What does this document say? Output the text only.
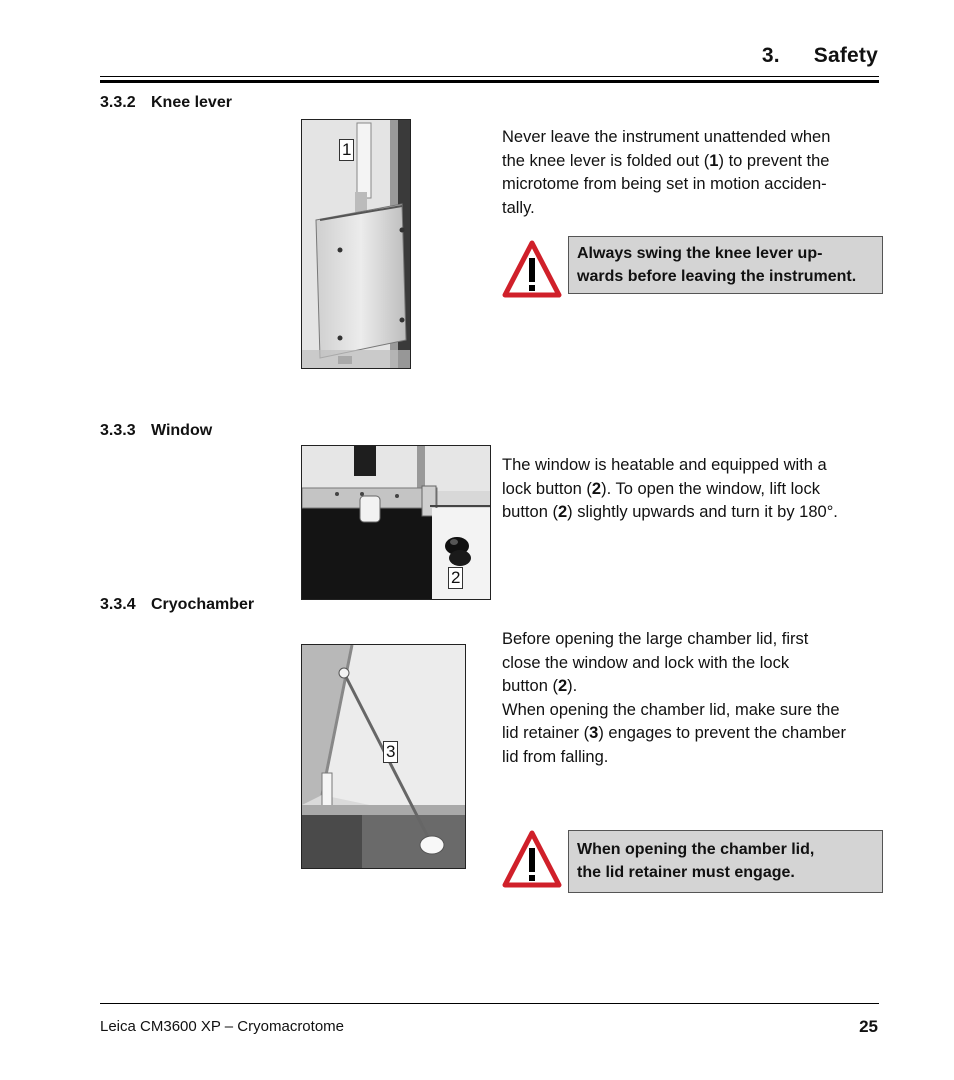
3. Safety
3.3.2 Knee lever
1
Never leave the instrument unattended when
the knee lever is folded out (1) to prevent the
microtome from being set in motion acciden-
tally.
Always swing the knee lever up-
wards before leaving the instrument.
3.3.3 Window
2
The window is heatable and equipped with a
lock button (2). To open the window, lift lock
button (2) slightly upwards and turn it by 180°.
3.3.4 Cryochamber
3
Before opening the large chamber lid, first
close the window and lock with the lock
button (2).
When opening the chamber lid, make sure the
lid retainer (3) engages to prevent the chamber
lid from falling.
When opening the chamber lid,
the lid retainer must engage.
Leica CM3600 XP – Cryomacrotome	25
